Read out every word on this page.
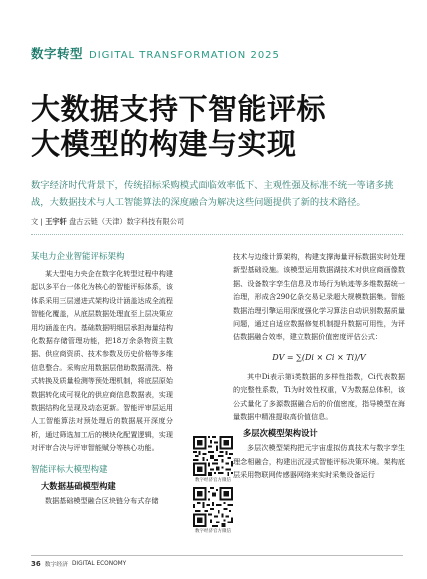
数字转型 DIGITAL TRANSFORMATION 2025
大数据支持下智能评标
大模型的构建与实现
数字经济时代背景下，传统招标采购模式面临效率低下、主观性强及标准不统一等诸多挑战，大数据技术与人工智能算法的深度融合为解决这些问题提供了新的技术路径。
文 | 王宇轩 盘古云链（天津）数字科技有限公司
某电力企业智能评标架构

某大型电力央企在数字化转型过程中构建起以多平台一体化为核心的智能评标体系，该体系采用三层递进式架构设计涵盖达成全流程智能化覆盖，从底层数据处理直至上层决策应用均涵盖在内。基础数据明细层承担海量结构化数据存储管理功能，把18万余条物资主数据、供应商资质、技术参数及历史价格等多维信息整合。采购应用数据层借助数据清洗、格式转换及质量检测等预处理机制，将底层原始数据转化成可视化的供应商信息数据表，实现数据结构化呈现及动态更新。智能评审层运用人工智能算法对预处理后的数据展开深度分析，通过筛选加工后的模块化配置逻辑，实现对评审合决与评审智能赋分等核心功能。

智能评标大模型构建
大数据基础模型构建

数据基础模型融合区块链分布式存储

数字经济官方微信
数字经济官方微信

技术与边缘计算架构，构建支撑海量评标数据实时处理新型基础设施。该模型运用数据湖技术对供应商画像数据、设备数字孪生信息及市场行为轨迹等多维数据统一治理，形成含290亿条交易记录超大规模数据集。智能数据治理引擎运用深度强化学习算法自动识别数据质量问题，通过自适应数据修复机制提升数据可用性，为评估数据融合效率，建立数据价值密度评估公式：

DV = ∑(Di × Ci × Ti)/V

其中Di表示第i类数据的多样性指数，Ci代表数据的完整性系数，Ti为时效性权重，V为数据总体积，该公式量化了多源数据融合后的价值密度，指导模型在海量数据中精准提取高价值信息。

多层次模型架构设计

多层次模型架构把元宇宙虚拟仿真技术与数字孪生理念相融合，构建出沉浸式智能评标决策环境。架构底层采用物联网传感器网络来实时采集设备运行

36 数字经济 DIGITAL ECONOMY
